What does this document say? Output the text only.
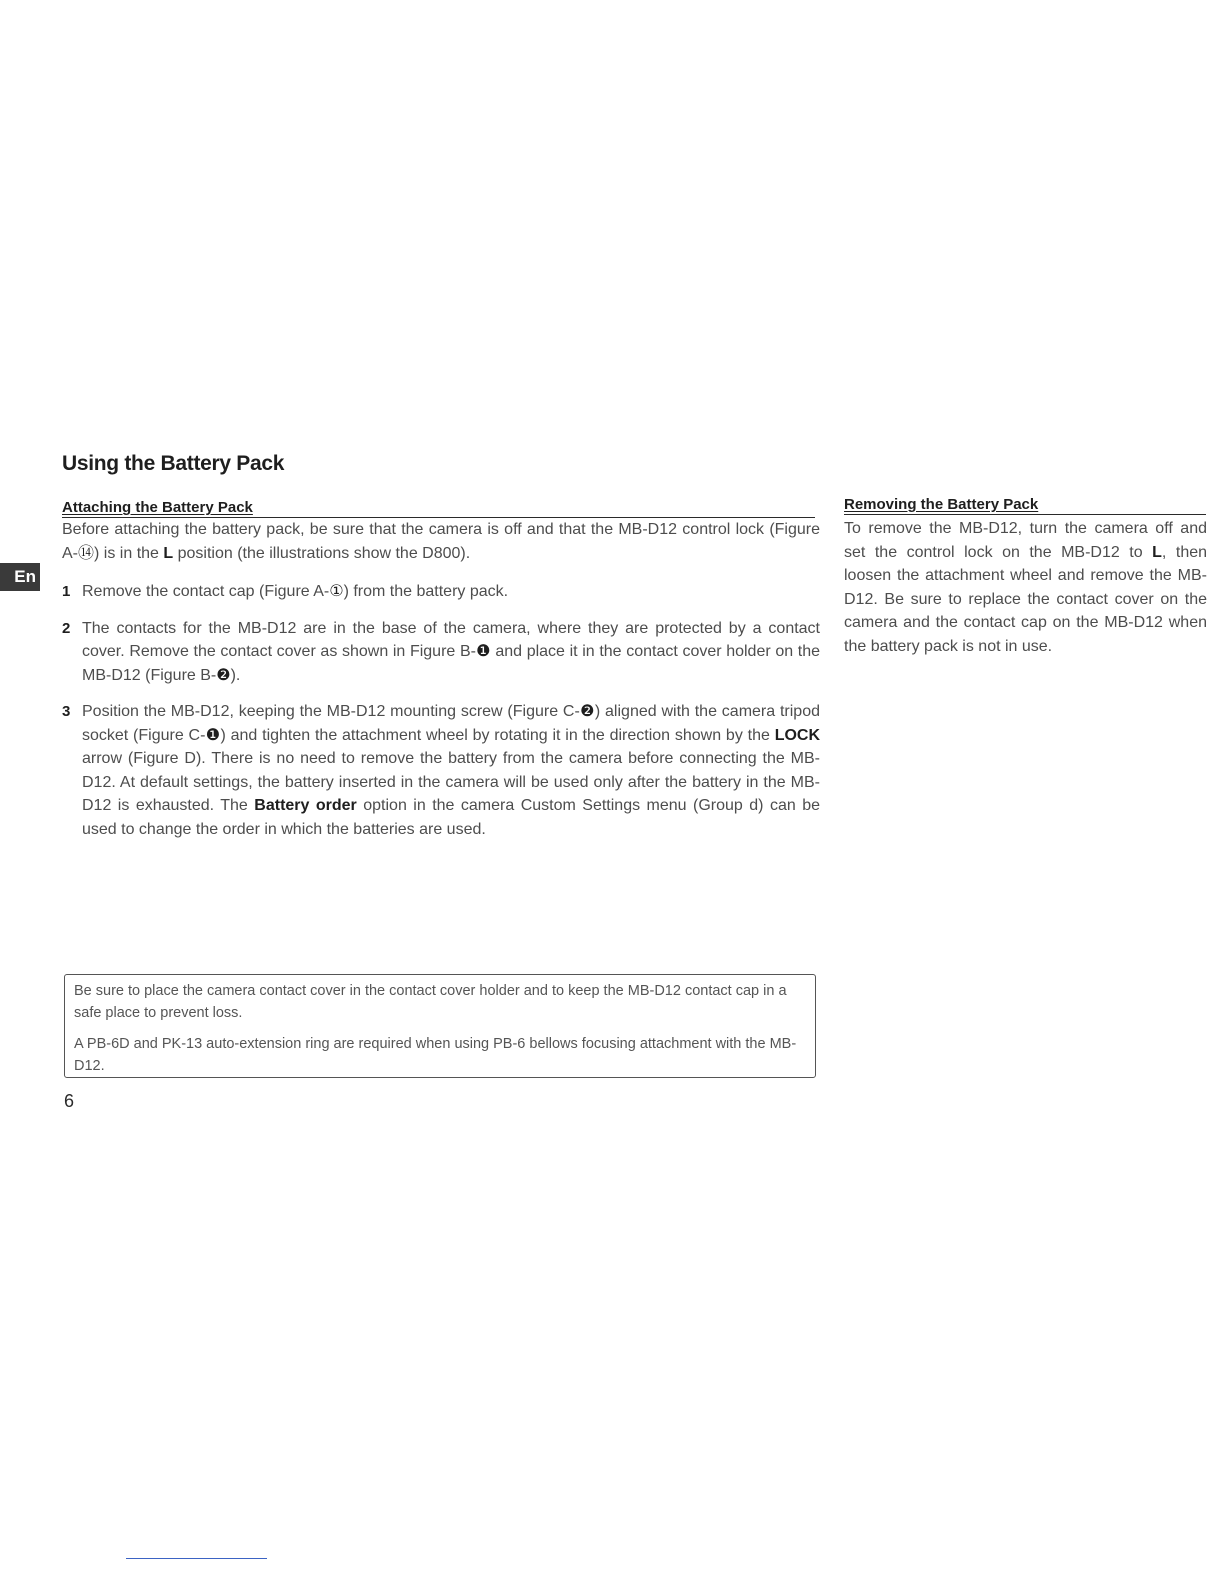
Using the Battery Pack
En
Attaching the Battery Pack

Before attaching the battery pack, be sure that the camera is off and that the MB-D12 control lock (Figure A-⑭) is in the L position (the illustrations show the D800).

1 Remove the contact cap (Figure A-①) from the battery pack.

2 The contacts for the MB-D12 are in the base of the camera, where they are protected by a contact cover. Remove the contact cover as shown in Figure B-❶ and place it in the contact cover holder on the MB-D12 (Figure B-❷).

3 Position the MB-D12, keeping the MB-D12 mounting screw (Figure C-❷) aligned with the camera tripod socket (Figure C-❶) and tighten the attachment wheel by rotating it in the direction shown by the LOCK arrow (Figure D). There is no need to remove the battery from the camera before connecting the MB-D12. At default settings, the battery inserted in the camera will be used only after the battery in the MB-D12 is exhausted. The Battery order option in the camera Custom Settings menu (Group d) can be used to change the order in which the batteries are used.

Removing the Battery Pack

To remove the MB-D12, turn the camera off and set the control lock on the MB-D12 to L, then loosen the attachment wheel and remove the MB-D12. Be sure to replace the contact cover on the camera and the contact cap on the MB-D12 when the battery pack is not in use.

Be sure to place the camera contact cover in the contact cover holder and to keep the MB-D12 contact cap in a safe place to prevent loss.

A PB-6D and PK-13 auto-extension ring are required when using PB-6 bellows focusing attachment with the MB-D12.

6
